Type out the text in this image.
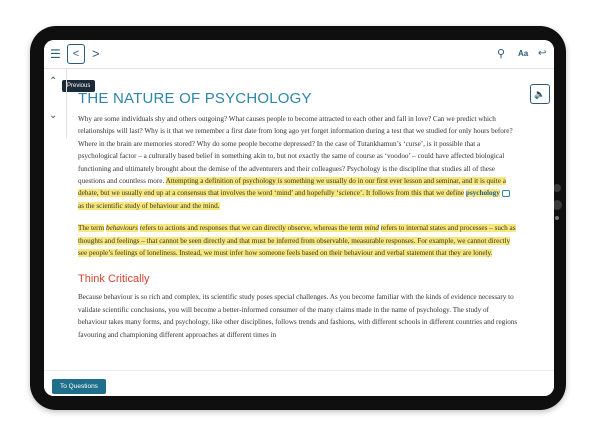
☰	< >	⚲ Aa ↩
Previous
⌃
⌄
🔈
THE NATURE OF PSYCHOLOGY

Why are some individuals shy and others outgoing? What causes people to become attracted to each other and fall in love? Can we predict which relationships will last? Why is it that we remember a first date from long ago yet forget information during a test that we studied for only hours before? Where in the brain are memories stored? Why do some people become depressed? In the case of Tutankhamun’s ‘curse’, is it possible that a psychological factor – a culturally based belief in something akin to, but not exactly the same of course as ‘voodoo’ – could have affected biological functioning and ultimately brought about the demise of the adventurers and their colleagues? Psychology is the discipline that studies all of these questions and countless more. Attempting a definition of psychology is something we usually do in our first ever lesson and seminar, and it is quite a debate, but we usually end up at a consensus that involves the word ‘mind’ and hopefully ‘science’. It follows from this that we define psychology as the scientific study of behaviour and the mind.

The term behaviours refers to actions and responses that we can directly observe, whereas the term mind refers to internal states and processes – such as thoughts and feelings – that cannot be seen directly and that must be inferred from observable, measurable responses. For example, we cannot directly see people’s feelings of loneliness. Instead, we must infer how someone feels based on their behaviour and verbal statement that they are lonely.

Think Critically

Because behaviour is so rich and complex, its scientific study poses special challenges. As you become familiar with the kinds of evidence necessary to validate scientific conclusions, you will become a better-informed consumer of the many claims made in the name of psychology. The study of behaviour takes many forms, and psychology, like other disciplines, follows trends and fashions, with different schools in different countries and regions favouring and championing different approaches at different times in

To Questions
